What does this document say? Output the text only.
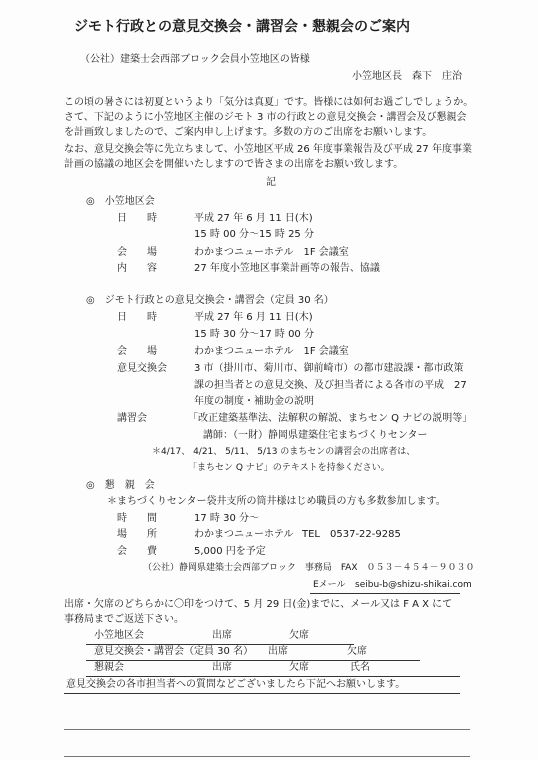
ジモト行政との意見交換会・講習会・懇親会のご案内
（公社）建築士会西部ブロック会員小笠地区の皆様
小笠地区長　森下　庄治
この頃の暑さには初夏というより「気分は真夏」です。皆様には如何お過ごしでしょうか。
さて、下記のように小笠地区主催のジモト 3 市の行政との意見交換会・講習会及び懇親会
を計画致しましたので、ご案内申し上げます。多数の方のご出席をお願いします。
なお、意見交換会等に先立ちまして、小笠地区平成 26 年度事業報告及び平成 27 年度事業
計画の協議の地区会を開催いたしますので皆さまの出席をお願い致します。
記
◎　小笠地区会
日　　時	平成 27 年 6 月 11 日(木)
15 時 00 分～15 時 25 分
会　　場	わかまつニューホテル　1F 会議室
内　　容	27 年度小笠地区事業計画等の報告、協議
◎　ジモト行政との意見交換会・講習会（定員 30 名）
日　　時	平成 27 年 6 月 11 日(木)
15 時 30 分～17 時 00 分
会　　場	わかまつニューホテル　1F 会議室
意見交換会	3 市（掛川市、菊川市、御前崎市）の都市建設課・都市政策
課の担当者との意見交換、及び担当者による各市の平成　27
年度の制度・補助金の説明
講習会	「改正建築基準法、法解釈の解説、まちセン Q ナビの説明等」
講師：（一財）静岡県建築住宅まちづくりセンター
＊4/17、 4/21、 5/11、 5/13 のまちセンの講習会の出席者は、
「まちセン Q ナビ」のテキストを持参ください。
◎　懇　親　会
＊まちづくりセンター袋井支所の筒井様はじめ職員の方も多数参加します。
時　　間	17 時 30 分～
場　　所	わかまつニューホテル TEL　0537-22-9285
会　　費	5,000 円を予定
（公社）静岡県建築士会西部ブロック　事務局　FAX　０５３－４５４－９０３０
Eメール seibu-b@shizu-shikai.com
出席・欠席のどちらかに〇印をつけて、5 月 29 日(金)までに、メール又は F A X にて
事務局までご返送下さい。
小笠地区会	出席	欠席
意見交換会・講習会（定員 30 名） 出席	欠席
懇親会	出席	欠席	氏名
意見交換会の各市担当者への質問などございましたら下記へお願いします。
